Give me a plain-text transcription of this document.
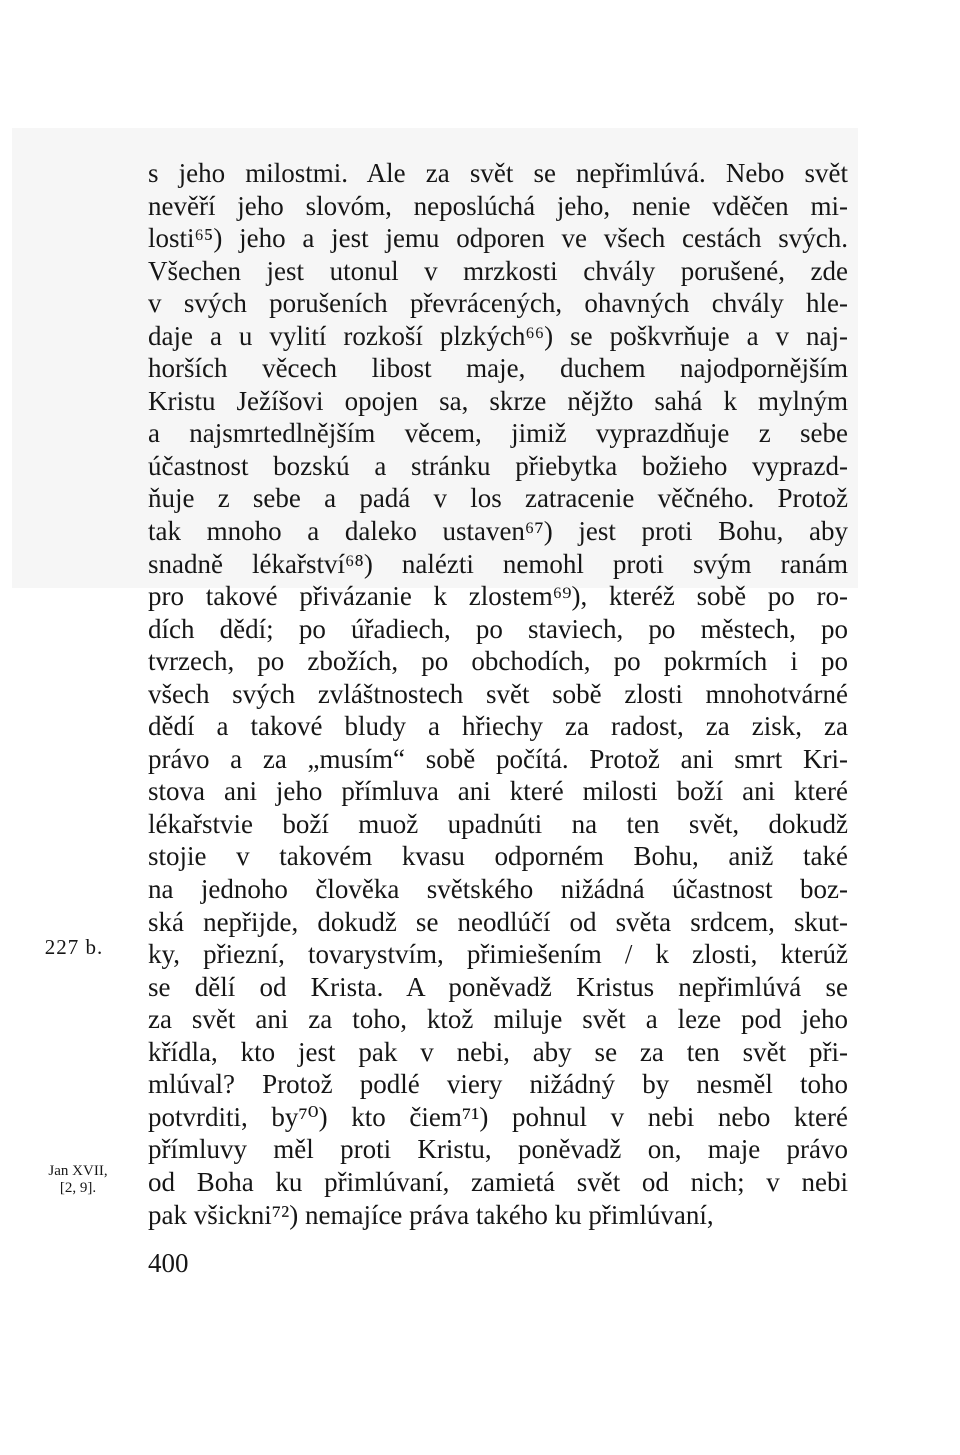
227 b.
Jan XVII,
[2, 9].
s jeho milostmi. Ale za svět se nepřimlúvá. Nebo svět
nevěří jeho slovóm, neposlúchá jeho, nenie vděčen mi-
losti⁶⁵) jeho a jest jemu odporen ve všech cestách svých.
Všechen jest utonul v mrzkosti chvály porušené, zde
v svých porušeních převrácených, ohavných chvály hle-
daje a u vylití rozkoší plzkých⁶⁶) se poškvrňuje a v naj-
horších věcech libost maje, duchem najodpornějším
Kristu Ježíšovi opojen sa, skrze nějžto sahá k mylným
a najsmrtedlnějším věcem, jimiž vyprazdňuje z sebe
účastnost bozskú a stránku přiebytka božieho vyprazd-
ňuje z sebe a padá v los zatracenie věčného. Protož
tak mnoho a daleko ustaven⁶⁷) jest proti Bohu, aby
snadně lékařství⁶⁸) nalézti nemohl proti svým ranám
pro takové přivázanie k zlostem⁶⁹), kteréž sobě po ro-
dích dědí; po úřadiech, po staviech, po městech, po
tvrzech, po zbožích, po obchodích, po pokrmích i po
všech svých zvláštnostech svět sobě zlosti mnohotvárné
dědí a takové bludy a hřiechy za radost, za zisk, za
právo a za „musím“ sobě počítá. Protož ani smrt Kri-
stova ani jeho přímluva ani které milosti boží ani které
lékařstvie boží muož upadnúti na ten svět, dokudž
stojie v takovém kvasu odporném Bohu, aniž také
na jednoho člověka světského nižádná účastnost boz-
ská nepřijde, dokudž se neodlúčí od světa srdcem, skut-
ky, přiezní, tovarystvím, přimiešením / k zlosti, kterúž
se dělí od Krista. A poněvadž Kristus nepřimlúvá se
za svět ani za toho, ktož miluje svět a leze pod jeho
křídla, kto jest pak v nebi, aby se za ten svět při-
mlúval? Protož podlé viery nižádný by nesměl toho
potvrditi, by⁷⁰) kto čiem⁷¹) pohnul v nebi nebo které
přímluvy měl proti Kristu, poněvadž on, maje právo
od Boha ku přimlúvaní, zamietá svět od nich; v nebi
pak všickni⁷²) nemajíce práva takého ku přimlúvaní,
400
